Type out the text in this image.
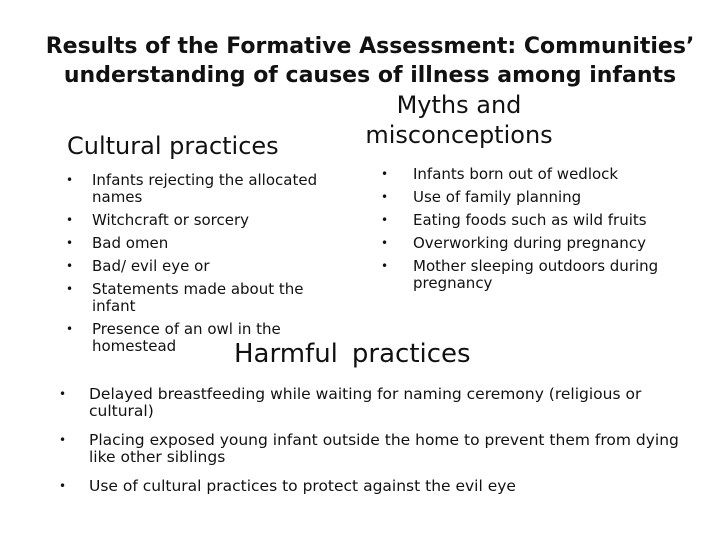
Results of the Formative Assessment: Communities’ understanding of causes of illness among infants
Myths and misconceptions
Cultural practices
• Infants rejecting the allocated names
• Witchcraft or sorcery
• Bad omen
• Bad/ evil eye or
• Statements made about the infant
• Presence of an owl in the homestead
• Infants born out of wedlock
• Use of family planning
• Eating foods such as wild fruits
• Overworking during pregnancy
• Mother sleeping outdoors during pregnancy
Harmful practices
• Delayed breastfeeding while waiting for naming ceremony (religious or cultural)
• Placing exposed young infant outside the home to prevent them from dying like other siblings
• Use of cultural practices to protect against the evil eye
